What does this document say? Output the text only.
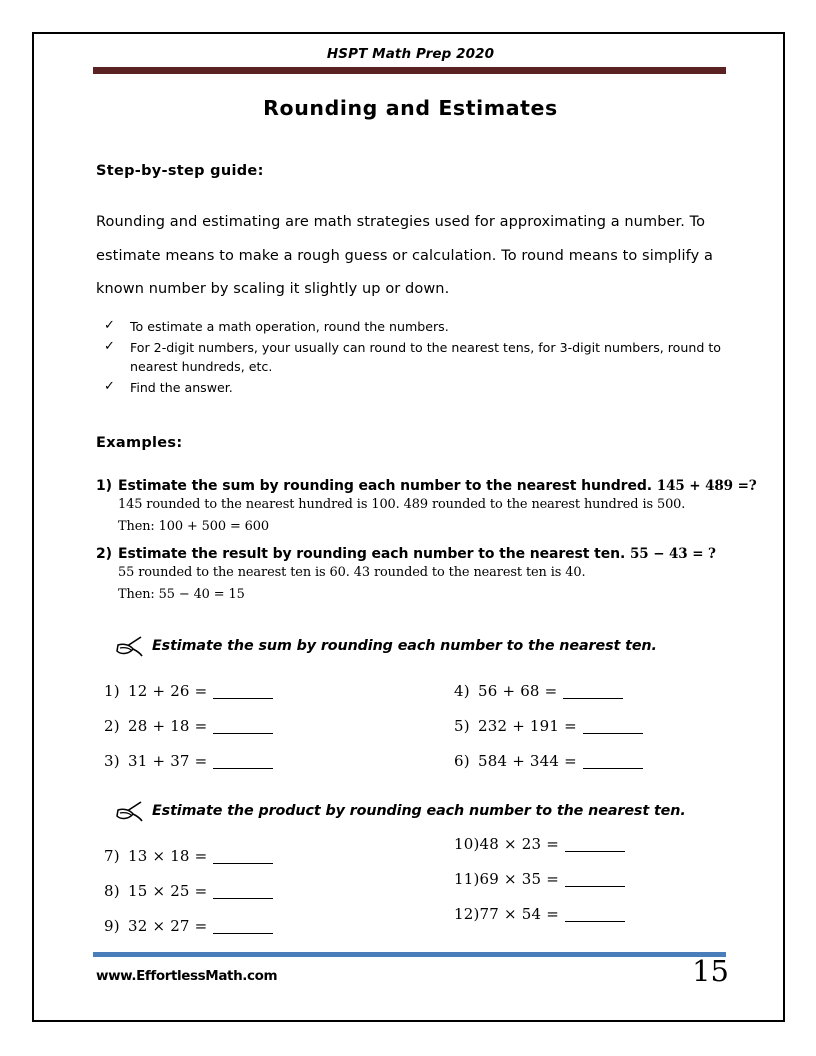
HSPT Math Prep 2020
Rounding and Estimates
Step-by-step guide:
Rounding and estimating are math strategies used for approximating a number. To estimate means to make a rough guess or calculation. To round means to simplify a known number by scaling it slightly up or down.
✓ To estimate a math operation, round the numbers.
✓ For 2-digit numbers, your usually can round to the nearest tens, for 3-digit numbers, round to nearest hundreds, etc.
✓ Find the answer.
Examples:
1) Estimate the sum by rounding each number to the nearest hundred. 145 + 489 =?
145 rounded to the nearest hundred is 100. 489 rounded to the nearest hundred is 500.
Then: 100 + 500 = 600
2) Estimate the result by rounding each number to the nearest ten. 55 − 43 = ?
55 rounded to the nearest ten is 60. 43 rounded to the nearest ten is 40.
Then: 55 − 40 = 15
Estimate the sum by rounding each number to the nearest ten.
1) 12 + 26 =
2) 28 + 18 =
3) 31 + 37 =
4) 56 + 68 =
5) 232 + 191 =
6) 584 + 344 =
Estimate the product by rounding each number to the nearest ten.
7) 13 × 18 =
8) 15 × 25 =
9) 32 × 27 =
10)48 × 23 =
11)69 × 35 =
12)77 × 54 =
www.EffortlessMath.com	15
